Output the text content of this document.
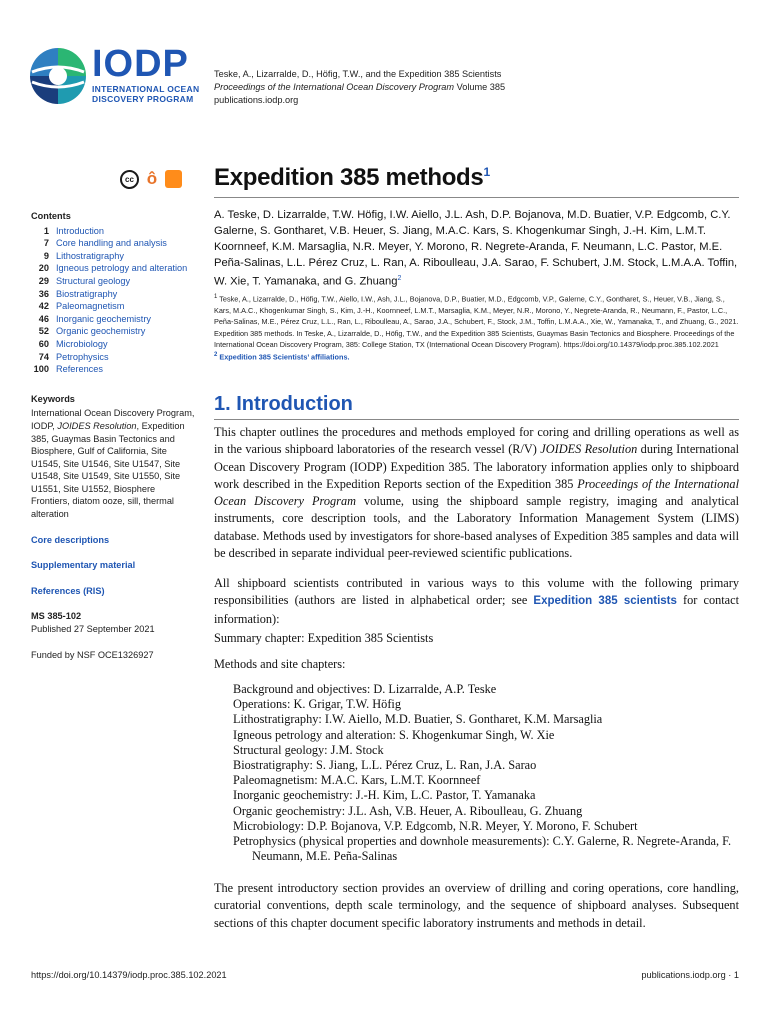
IODP
INTERNATIONAL OCEAN
DISCOVERY PROGRAM
Teske, A., Lizarralde, D., Höfig, T.W., and the Expedition 385 Scientists
Proceedings of the International Ocean Discovery Program Volume 385
publications.iodp.org
cc ô Expedition 385 methods$^1$
Contents
1 Introduction
7 Core handling and analysis
9 Lithostratigraphy
20 Igneous petrology and alteration
29 Structural geology
36 Biostratigraphy
42 Paleomagnetism
46 Inorganic geochemistry
52 Organic geochemistry
60 Microbiology
74 Petrophysics
100 References
Keywords
International Ocean Discovery Program, IODP, JOIDES Resolution, Expedition 385, Guaymas Basin Tectonics and Biosphere, Gulf of California, Site U1545, Site U1546, Site U1547, Site U1548, Site U1549, Site U1550, Site U1551, Site U1552, Biosphere Frontiers, diatom ooze, sill, thermal alteration
Core descriptions
Supplementary material
References (RIS)
MS 385-102
Published 27 September 2021
Funded by NSF OCE1326927
A. Teske, D. Lizarralde, T.W. Höfig, I.W. Aiello, J.L. Ash, D.P. Bojanova, M.D. Buatier, V.P. Edgcomb, C.Y. Galerne, S. Gontharet, V.B. Heuer, S. Jiang, M.A.C. Kars, S. Khogenkumar Singh, J.-H. Kim, L.M.T. Koornneef, K.M. Marsaglia, N.R. Meyer, Y. Morono, R. Negrete-Aranda, F. Neumann, L.C. Pastor, M.E. Peña-Salinas, L.L. Pérez Cruz, L. Ran, A. Riboulleau, J.A. Sarao, F. Schubert, J.M. Stock, L.M.A.A. Toffin, W. Xie, T. Yamanaka, and G. Zhuang$^2$
$^1$ Teske, A., Lizarralde, D., Höfig, T.W., Aiello, I.W., Ash, J.L., Bojanova, D.P., Buatier, M.D., Edgcomb, V.P., Galerne, C.Y., Gontharet, S., Heuer, V.B., Jiang, S., Kars, M.A.C., Khogenkumar Singh, S., Kim, J.-H., Koornneef, L.M.T., Marsaglia, K.M., Meyer, N.R., Morono, Y., Negrete-Aranda, R., Neumann, F., Pastor, L.C., Peña-Salinas, M.E., Pérez Cruz, L.L., Ran, L., Riboulleau, A., Sarao, J.A., Schubert, F., Stock, J.M., Toffin, L.M.A.A., Xie, W., Yamanaka, T., and Zhuang, G., 2021. Expedition 385 methods. In Teske, A., Lizarralde, D., Höfig, T.W., and the Expedition 385 Scientists, Guaymas Basin Tectonics and Biosphere. Proceedings of the International Ocean Discovery Program, 385: College Station, TX (International Ocean Discovery Program). https://doi.org/10.14379/iodp.proc.385.102.2021
$^2$ Expedition 385 Scientists’ affiliations.
1. Introduction

This chapter outlines the procedures and methods employed for coring and drilling operations as well as in the various shipboard laboratories of the research vessel (R/V) JOIDES Resolution during International Ocean Discovery Program (IODP) Expedition 385. The laboratory information applies only to shipboard work described in the Expedition Reports section of the Expedition 385 Proceedings of the International Ocean Discovery Program volume, using the shipboard sample registry, imaging and analytical instruments, core description tools, and the Laboratory Information Management System (LIMS) database. Methods used by investigators for shore-based analyses of Expedition 385 samples and data will be described in separate individual peer-reviewed scientific publications.

All shipboard scientists contributed in various ways to this volume with the following primary responsibilities (authors are listed in alphabetical order; see Expedition 385 scientists for contact information):

Summary chapter: Expedition 385 Scientists
Methods and site chapters:
Background and objectives: D. Lizarralde, A.P. Teske
Operations: K. Grigar, T.W. Höfig
Lithostratigraphy: I.W. Aiello, M.D. Buatier, S. Gontharet, K.M. Marsaglia
Igneous petrology and alteration: S. Khogenkumar Singh, W. Xie
Structural geology: J.M. Stock
Biostratigraphy: S. Jiang, L.L. Pérez Cruz, L. Ran, J.A. Sarao
Paleomagnetism: M.A.C. Kars, L.M.T. Koornneef
Inorganic geochemistry: J.-H. Kim, L.C. Pastor, T. Yamanaka
Organic geochemistry: J.L. Ash, V.B. Heuer, A. Riboulleau, G. Zhuang
Microbiology: D.P. Bojanova, V.P. Edgcomb, N.R. Meyer, Y. Morono, F. Schubert
Petrophysics (physical properties and downhole measurements): C.Y. Galerne, R. Negrete-Aranda, F. Neumann, M.E. Peña-Salinas
The present introductory section provides an overview of drilling and coring operations, core handling, curatorial conventions, depth scale terminology, and the sequence of shipboard analyses. Subsequent sections of this chapter document specific laboratory instruments and methods in detail.
https://doi.org/10.14379/iodp.proc.385.102.2021	publications.iodp.org · 1
